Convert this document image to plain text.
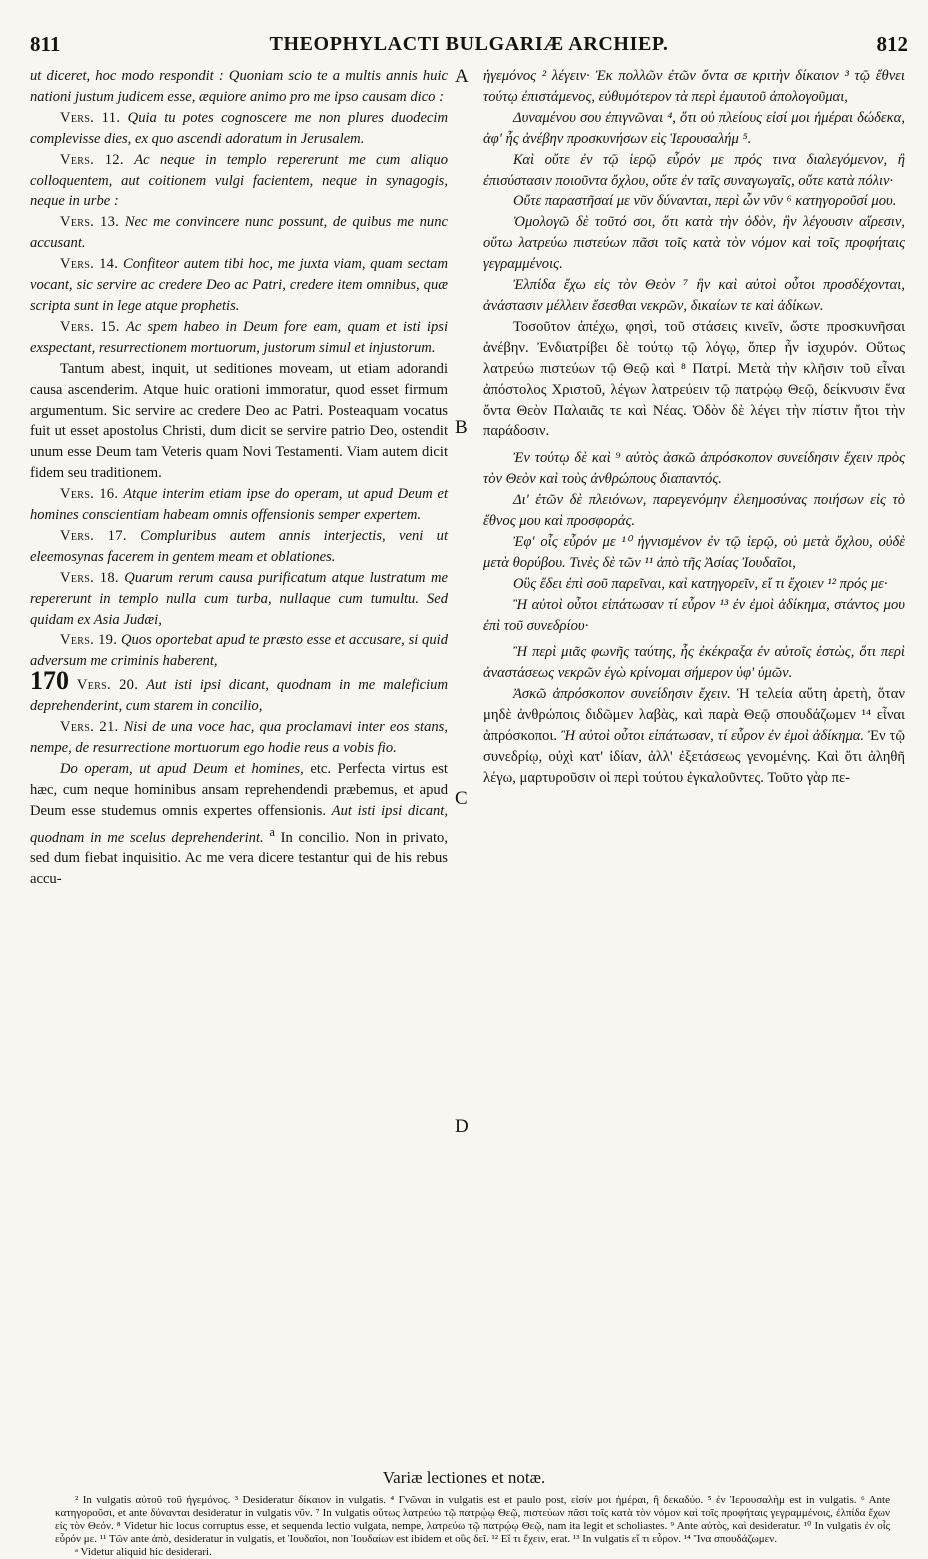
811	THEOPHYLACTI BULGARIÆ ARCHIEP.	812
A
B
C
D

ut diceret, hoc modo respondit : Quoniam scio te a multis annis huic nationi justum judicem esse, æquiore animo pro me ipso causam dico :

Vers. 11. Quia tu potes cognoscere me non plures duodecim complevisse dies, ex quo ascendi adoratum in Jerusalem.

Vers. 12. Ac neque in templo repererunt me cum aliquo colloquentem, aut coitionem vulgi facientem, neque in synagogis, neque in urbe :

Vers. 13. Nec me convincere nunc possunt, de quibus me nunc accusant.

Vers. 14. Confiteor autem tibi hoc, me juxta viam, quam sectam vocant, sic servire ac credere Deo ac Patri, credere item omnibus, quæ scripta sunt in lege atque prophetis.

Vers. 15. Ac spem habeo in Deum fore eam, quam et isti ipsi exspectant, resurrectionem mortuorum, justorum simul et injustorum.

Tantum abest, inquit, ut seditiones moveam, ut etiam adorandi causa ascenderim. Atque huic orationi immoratur, quod esset firmum argumentum. Sic servire ac credere Deo ac Patri. Posteaquam vocatus fuit ut esset apostolus Christi, dum dicit se servire patrio Deo, ostendit unum esse Deum tam Veteris quam Novi Testamenti. Viam autem dicit fidem seu traditionem.

Vers. 16. Atque interim etiam ipse do operam, ut apud Deum et homines conscientiam habeam omnis offensionis semper expertem.

Vers. 17. Compluribus autem annis interjectis, veni ut eleemosynas facerem in gentem meam et oblationes.

Vers. 18. Quarum rerum causa purificatum atque lustratum me repererunt in templo nulla cum turba, nullaque cum tumultu. Sed quidam ex Asia Judæi,

Vers. 19. Quos oportebat apud te præsto esse et accusare, si quid adversum me criminis haberent,

170 Vers. 20. Aut isti ipsi dicant, quodnam in me maleficium deprehenderint, cum starem in concilio,

Vers. 21. Nisi de una voce hac, qua proclamavi inter eos stans, nempe, de resurrectione mortuorum ego hodie reus a vobis fio.

Do operam, ut apud Deum et homines, etc. Perfecta virtus est hæc, cum neque hominibus ansam reprehendendi præbemus, et apud Deum esse studemus omnis expertes offensionis. Aut isti ipsi dicant, quodnam in me scelus deprehenderint. $^a$ In concilio. Non in privato, sed dum fiebat inquisitio. Ac me vera dicere testantur qui de his rebus accu-

ἡγεμόνος ² λέγειν· Ἐκ πολλῶν ἐτῶν ὄντα σε κριτὴν δίκαιον ³ τῷ ἔθνει τούτῳ ἐπιστάμενος, εὐθυμότερον τὰ περὶ ἐμαυτοῦ ἀπολογοῦμαι,

Δυναμένου σου ἐπιγνῶναι ⁴, ὅτι οὐ πλείους εἰσί μοι ἡμέραι δώδεκα, ἀφ' ἧς ἀνέβην προσκυνήσων εἰς Ἱερουσαλήμ ⁵.

Καὶ οὔτε ἐν τῷ ἱερῷ εὗρόν με πρός τινα διαλεγόμενον, ἢ ἐπισύστασιν ποιοῦντα ὄχλου, οὔτε ἐν ταῖς συναγωγαῖς, οὔτε κατὰ πόλιν·

Οὔτε παραστῆσαί με νῦν δύνανται, περὶ ὧν νῦν ⁶ κατηγοροῦσί μου.

Ὁμολογῶ δὲ τοῦτό σοι, ὅτι κατὰ τὴν ὁδὸν, ἣν λέγουσιν αἵρεσιν, οὕτω λατρεύω πιστεύων πᾶσι τοῖς κατὰ τὸν νόμον καὶ τοῖς προφήταις γεγραμμένοις.

Ἐλπίδα ἔχω εἰς τὸν Θεὸν ⁷ ἣν καὶ αὐτοὶ οὗτοι προσδέχονται, ἀνάστασιν μέλλειν ἔσεσθαι νεκρῶν, δικαίων τε καὶ ἀδίκων.

Τοσοῦτον ἀπέχω, φησὶ, τοῦ στάσεις κινεῖν, ὥστε προσκυνῆσαι ἀνέβην. Ἐνδιατρίβει δὲ τούτῳ τῷ λόγῳ, ὅπερ ἦν ἰσχυρόν. Οὕτως λατρεύω πιστεύων τῷ Θεῷ καὶ ⁸ Πατρί. Μετὰ τὴν κλῆσιν τοῦ εἶναι ἀπόστολος Χριστοῦ, λέγων λατρεύειν τῷ πατρῴῳ Θεῷ, δείκνυσιν ἕνα ὄντα Θεὸν Παλαιᾶς τε καὶ Νέας. Ὁδὸν δὲ λέγει τὴν πίστιν ἤτοι τὴν παράδοσιν.

Ἐν τούτῳ δὲ καὶ ⁹ αὐτὸς ἀσκῶ ἀπρόσκοπον συνείδησιν ἔχειν πρὸς τὸν Θεὸν καὶ τοὺς ἀνθρώπους διαπαντός.

Δι' ἐτῶν δὲ πλειόνων, παρεγενόμην ἐλεημοσύνας ποιήσων εἰς τὸ ἔθνος μου καὶ προσφοράς.

Ἐφ' οἷς εὗρόν με ¹⁰ ἡγνισμένον ἐν τῷ ἱερῷ, οὐ μετὰ ὄχλου, οὐδὲ μετὰ θορύβου. Τινὲς δὲ τῶν ¹¹ ἀπὸ τῆς Ἀσίας Ἰουδαῖοι,

Οὓς ἔδει ἐπὶ σοῦ παρεῖναι, καὶ κατηγορεῖν, εἴ τι ἔχοιεν ¹² πρός με·

Ἢ αὐτοὶ οὗτοι εἰπάτωσαν τί εὗρον ¹³ ἐν ἐμοὶ ἀδίκημα, στάντος μου ἐπὶ τοῦ συνεδρίου·

Ἢ περὶ μιᾶς φωνῆς ταύτης, ἧς ἐκέκραξα ἐν αὐτοῖς ἑστὼς, ὅτι περὶ ἀναστάσεως νεκρῶν ἐγὼ κρίνομαι σήμερον ὑφ' ὑμῶν.

Ἀσκῶ ἀπρόσκοπον συνείδησιν ἔχειν. Ἡ τελεία αὕτη ἀρετὴ, ὅταν μηδὲ ἀνθρώποις διδῶμεν λαβὰς, καὶ παρὰ Θεῷ σπουδάζωμεν ¹⁴ εἶναι ἀπρόσκοποι. Ἢ αὐτοὶ οὗτοι εἰπάτωσαν, τί εὗρον ἐν ἐμοὶ ἀδίκημα. Ἐν τῷ συνεδρίῳ, οὐχὶ κατ' ἰδίαν, ἀλλ' ἐξετάσεως γενομένης. Καὶ ὅτι ἀληθῆ λέγω, μαρτυροῦσιν οἱ περὶ τούτου ἐγκαλοῦντες. Τοῦτο γὰρ πε-

Variæ lectiones et notæ.

² In vulgatis αὐτοῦ τοῦ ἡγεμόνος. ³ Desideratur δίκαιον in vulgatis. ⁴ Γνῶναι in vulgatis est et paulo post, εἰσίν μοι ἡμέραι, ἢ δεκαδύο. ⁵ ἐν Ἱερουσαλὴμ est in vulgatis. ⁶ Ante κατηγοροῦσι, et ante δύνανται desideratur in vulgatis νῦν. ⁷ In vulgatis οὕτως λατρεύω τῷ πατρῴῳ Θεῷ, πιστεύων πᾶσι τοῖς κατὰ τὸν νόμον καὶ τοῖς προφήταις γεγραμμένοις, ἐλπίδα ἔχων εἰς τὸν Θεόν. ⁸ Videtur hic locus corruptus esse, et sequenda lectio vulgata, nempe, λατρεύω τῷ πατρῴῳ Θεῷ, nam ita legit et scholiastes. ⁹ Ante αὐτὸς, καὶ desideratur. ¹⁰ In vulgatis ἐν οἷς εὗρόν με. ¹¹ Τῶν ante ἀπὸ, desideratur in vulgatis, et Ἰουδαῖοι, non Ἰουδαίων est ibidem et οὓς δεῖ. ¹² Εἴ τι ἔχειν, erat. ¹³ In vulgatis εἴ τι εὗρον. ¹⁴ Ἵνα σπουδάζωμεν.

ᵃ Videtur aliquid hic desiderari.
